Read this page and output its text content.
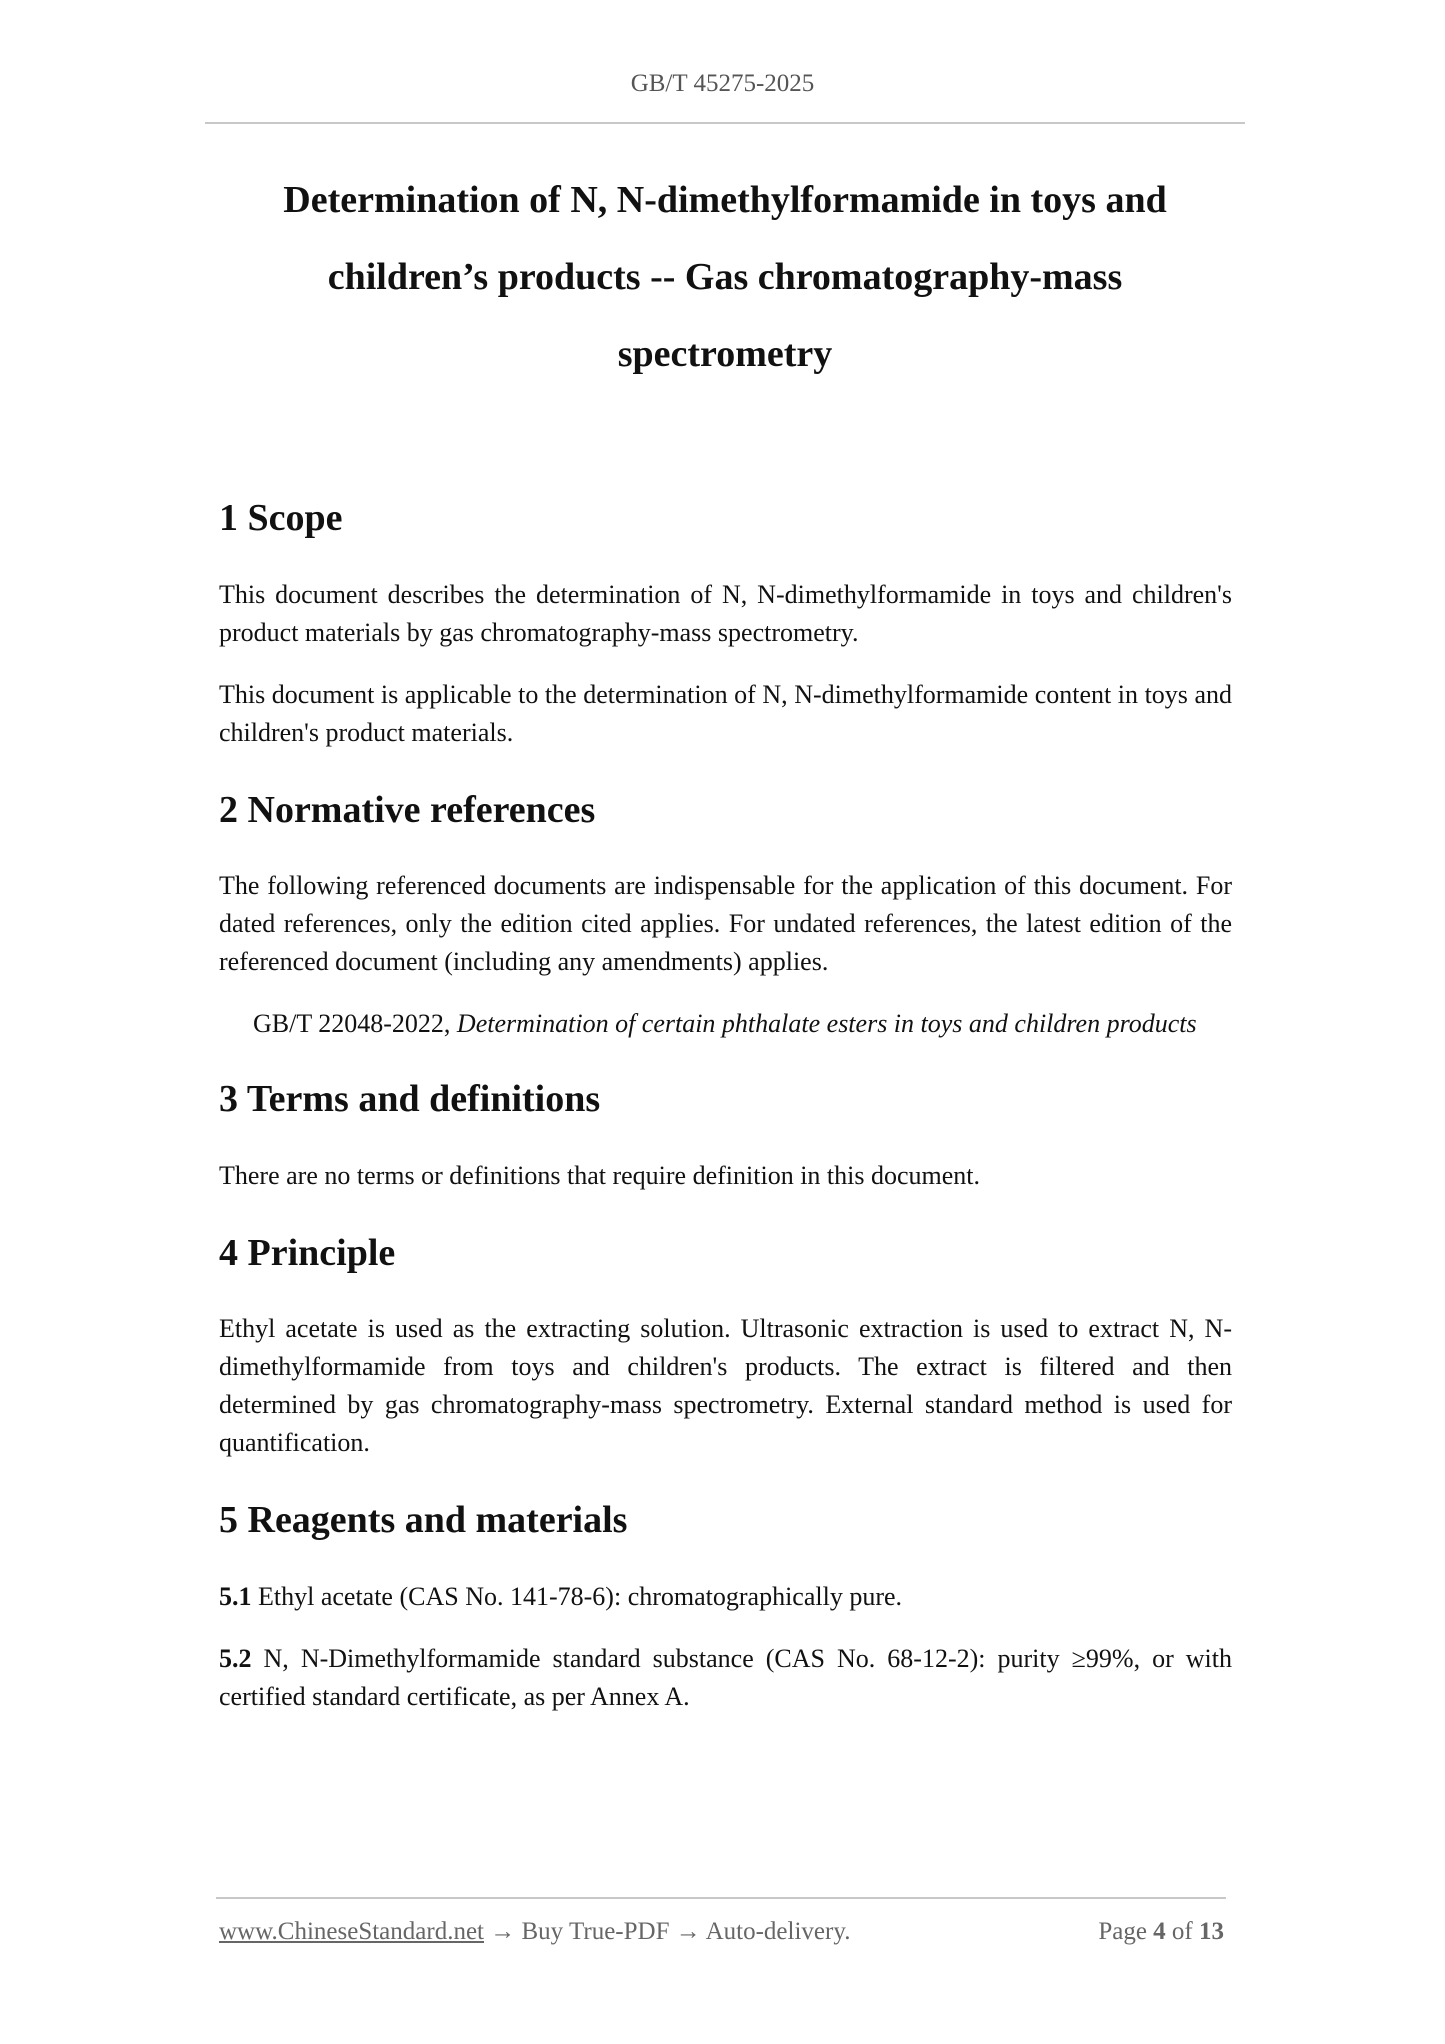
GB/T 45275-2025
Determination of N, N-dimethylformamide in toys and
children’s products -- Gas chromatography-mass
spectrometry
1 Scope

This document describes the determination of N, N-dimethylformamide in toys and children's product materials by gas chromatography-mass spectrometry.

This document is applicable to the determination of N, N-dimethylformamide content in toys and children's product materials.

2 Normative references

The following referenced documents are indispensable for the application of this document. For dated references, only the edition cited applies. For undated references, the latest edition of the referenced document (including any amendments) applies.

GB/T 22048-2022, Determination of certain phthalate esters in toys and children products

3 Terms and definitions

There are no terms or definitions that require definition in this document.

4 Principle

Ethyl acetate is used as the extracting solution. Ultrasonic extraction is used to extract N, N-dimethylformamide from toys and children's products. The extract is filtered and then determined by gas chromatography-mass spectrometry. External standard method is used for quantification.

5 Reagents and materials

5.1 Ethyl acetate (CAS No. 141-78-6): chromatographically pure.

5.2 N, N-Dimethylformamide standard substance (CAS No. 68-12-2): purity ≥99%, or with certified standard certificate, as per Annex A.

www.ChineseStandard.net → Buy True-PDF → Auto-delivery.	Page 4 of 13
